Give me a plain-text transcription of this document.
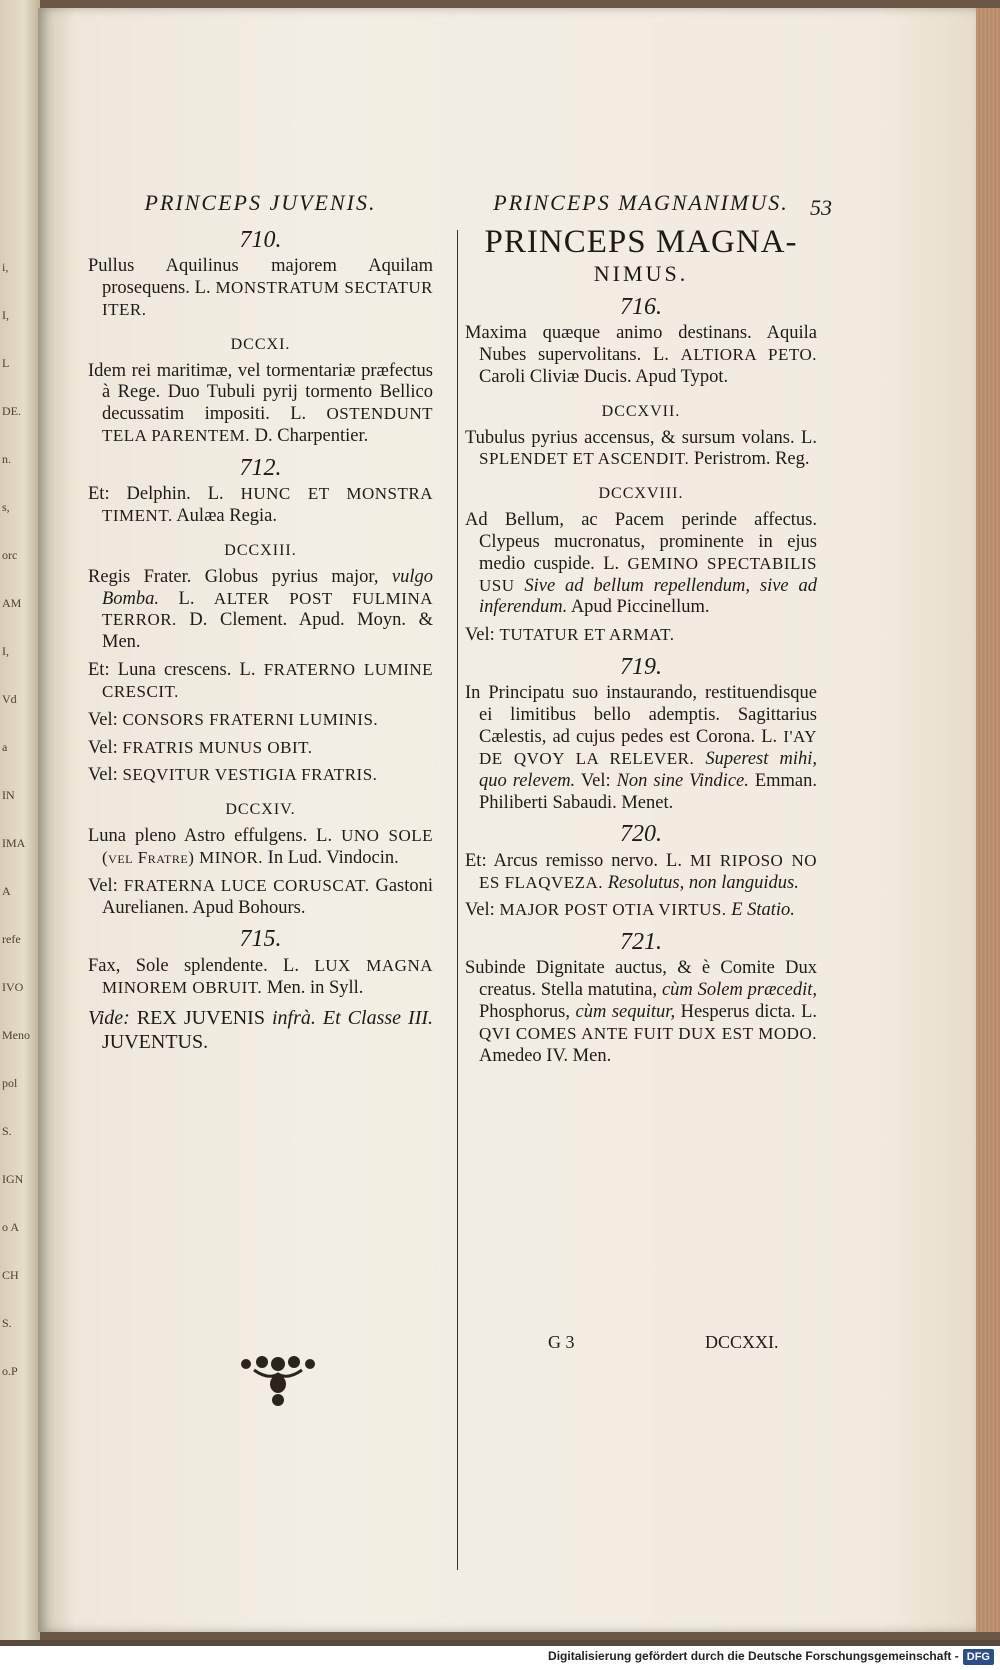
i,
I,
L
DE.
n.
s,
orc
AM
I,
Vd
a
IN
IMA
A
refe
IVO
Meno
pol
S.
IGN
o A
CH
S.
o.P
PRINCEPS JUVENIS.
710.
Pullus Aquilinus majorem Aquilam prosequens. L. MONSTRATUM SECTATUR ITER.
DCCXI.
Idem rei maritimæ, vel tormentariæ præfectus à Rege. Duo Tubuli pyrij tormento Bellico decussatim impositi. L. OSTENDUNT TELA PARENTEM. D. Charpentier.
712.
Et: Delphin. L. HUNC ET MONSTRA TIMENT. Aulæa Regia.
DCCXIII.
Regis Frater. Globus pyrius major, vulgo Bomba. L. ALTER POST FULMINA TERROR. D. Clement. Apud. Moyn. & Men.
Et: Luna crescens. L. FRATERNO LUMINE CRESCIT.
Vel: CONSORS FRATERNI LUMINIS.
Vel: FRATRIS MUNUS OBIT.
Vel: SEQVITUR VESTIGIA FRATRIS.
DCCXIV.
Luna pleno Astro effulgens. L. UNO SOLE (vel Fratre) MINOR. In Lud. Vindocin.
Vel: FRATERNA LUCE CORUSCAT. Gastoni Aurelianen. Apud Bohours.
715.
Fax, Sole splendente. L. LUX MAGNA MINOREM OBRUIT. Men. in Syll.
Vide: REX JUVENIS infrà. Et Classe III. JUVENTUS.
53
PRINCEPS MAGNANIMUS.
PRINCEPS MAGNA-
NIMUS.
716.
Maxima quæque animo destinans. Aquila Nubes supervolitans. L. ALTIORA PETO. Caroli Cliviæ Ducis. Apud Typot.
DCCXVII.
Tubulus pyrius accensus, & sursum volans. L. SPLENDET ET ASCENDIT. Peristrom. Reg.
DCCXVIII.
Ad Bellum, ac Pacem perinde affectus. Clypeus mucronatus, prominente in ejus medio cuspide. L. GEMINO SPECTABILIS USU Sive ad bellum repellendum, sive ad inferendum. Apud Piccinellum.
Vel: TUTATUR ET ARMAT.
719.
In Principatu suo instaurando, restituendisque ei limitibus bello ademptis. Sagittarius Cælestis, ad cujus pedes est Corona. L. I'AY DE QVOY LA RELEVER. Superest mihi, quo relevem. Vel: Non sine Vindice. Emman. Philiberti Sabaudi. Menet.
720.
Et: Arcus remisso nervo. L. MI RIPOSO NO ES FLAQVEZA. Resolutus, non languidus.
Vel: MAJOR POST OTIA VIRTUS. E Statio.
721.
Subinde Dignitate auctus, & è Comite Dux creatus. Stella matutina, cùm Solem præcedit, Phosphorus, cùm sequitur, Hesperus dicta. L. QVI COMES ANTE FUIT DUX EST MODO. Amedeo IV. Men.
G 3	DCCXXI.
Digitalisierung gefördert durch die Deutsche Forschungsgemeinschaft - DFG
